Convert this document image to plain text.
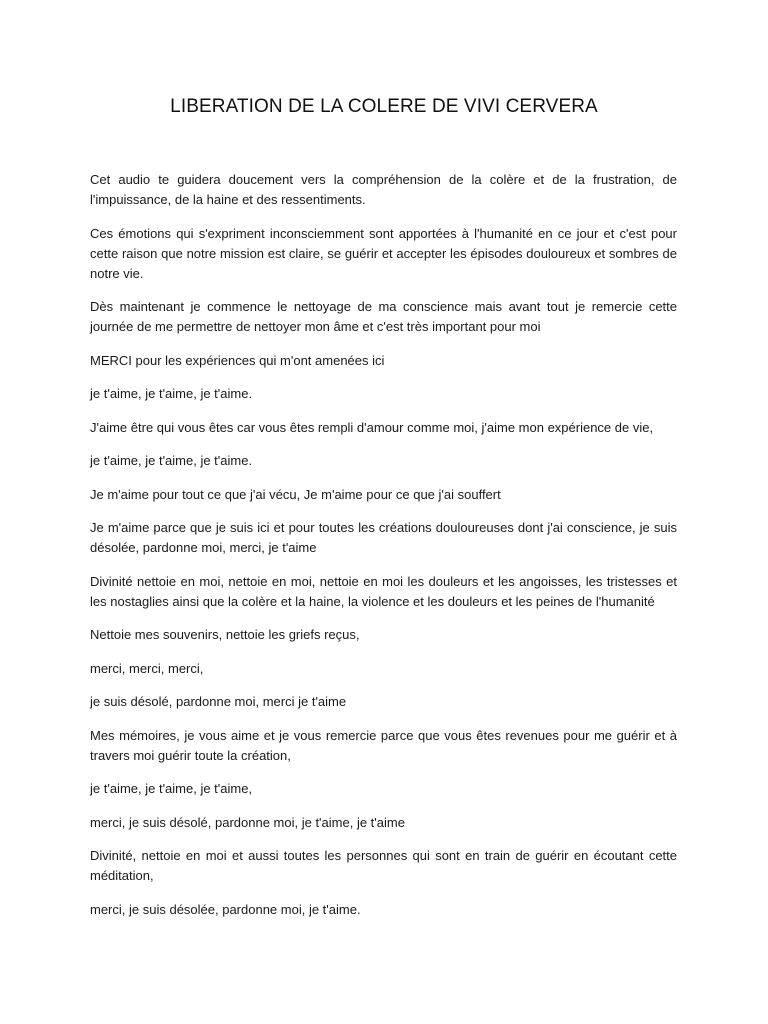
LIBERATION DE LA COLERE DE VIVI CERVERA

Cet audio te guidera doucement vers la compréhension de la colère et de la frustration, de l'impuissance, de la haine et des ressentiments.

Ces émotions qui s'expriment inconsciemment sont apportées à l'humanité en ce jour et c'est pour cette raison que notre mission est claire, se guérir et accepter les épisodes douloureux et sombres de notre vie.

Dès maintenant je commence le nettoyage de ma conscience mais avant tout je remercie cette journée de me permettre de nettoyer mon âme et c'est très important pour moi

MERCI pour les expériences qui m'ont amenées ici

je t'aime, je t'aime, je t'aime.

J'aime être qui vous êtes car vous êtes rempli d'amour comme moi, j'aime mon expérience de vie,

je t'aime, je t'aime, je t'aime.

Je m'aime pour tout ce que j'ai vécu, Je m'aime pour ce que j'ai souffert

Je m'aime parce que je suis ici et pour toutes les créations douloureuses dont j'ai conscience, je suis désolée, pardonne moi, merci, je t'aime

Divinité nettoie en moi, nettoie en moi, nettoie en moi les douleurs et les angoisses, les tristesses et les nostaglies ainsi que la colère et la haine, la violence et les douleurs et les peines de l'humanité

Nettoie mes souvenirs, nettoie les griefs reçus,

merci, merci, merci,

je suis désolé, pardonne moi, merci je t'aime

Mes mémoires, je vous aime et je vous remercie parce que vous êtes revenues pour me guérir et à travers moi guérir toute la création,

je t'aime, je t'aime, je t'aime,

merci, je suis désolé, pardonne moi, je t'aime, je t'aime

Divinité, nettoie en moi et aussi toutes les personnes qui sont en train de guérir en écoutant cette méditation,

merci, je suis désolée, pardonne moi, je t'aime.
